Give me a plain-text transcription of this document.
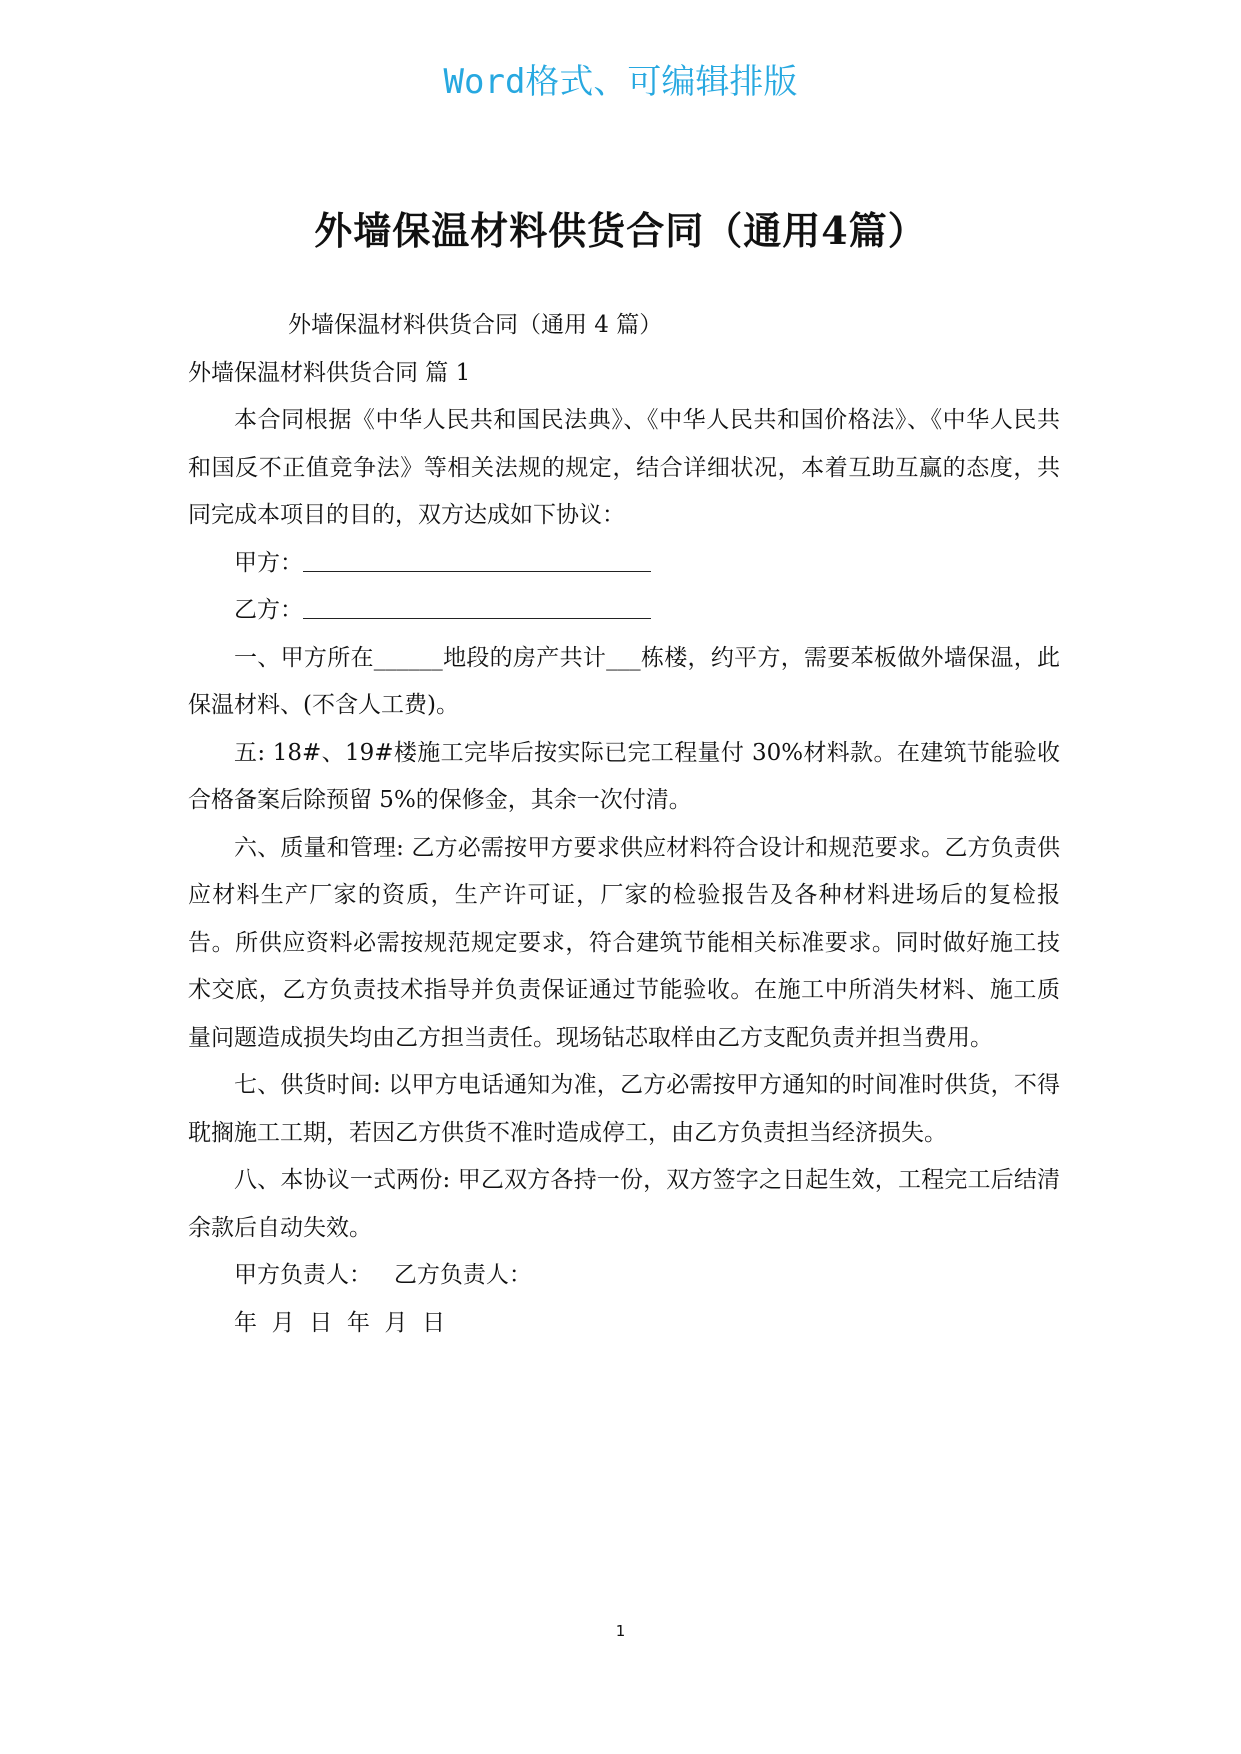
Word格式、可编辑排版
外墙保温材料供货合同（通用4篇）

外墙保温材料供货合同（通用 4 篇）

外墙保温材料供货合同 篇 1

本合同根据《中华人民共和国民法典》、《中华人民共和国价格法》、《中华人民共和国反不正值竞争法》等相关法规的规定，结合详细状况，本着互助互赢的态度，共同完成本项目的目的，双方达成如下协议：

甲方：

乙方：

一、甲方所在______地段的房产共计___栋楼，约平方，需要苯板做外墙保温，此保温材料、(不含人工费)。

五: 18#、19#楼施工完毕后按实际已完工程量付 30%材料款。在建筑节能验收合格备案后除预留 5%的保修金，其余一次付清。

六、质量和管理: 乙方必需按甲方要求供应材料符合设计和规范要求。乙方负责供应材料生产厂家的资质，生产许可证，厂家的检验报告及各种材料进场后的复检报告。所供应资料必需按规范规定要求，符合建筑节能相关标准要求。同时做好施工技术交底，乙方负责技术指导并负责保证通过节能验收。在施工中所消失材料、施工质量问题造成损失均由乙方担当责任。现场钻芯取样由乙方支配负责并担当费用。

七、供货时间: 以甲方电话通知为准，乙方必需按甲方通知的时间准时供货，不得耽搁施工工期，若因乙方供货不准时造成停工，由乙方负责担当经济损失。

八、本协议一式两份: 甲乙双方各持一份，双方签字之日起生效，工程完工后结清余款后自动失效。

甲方负责人：   乙方负责人：

年  月  日  年  月  日

1
